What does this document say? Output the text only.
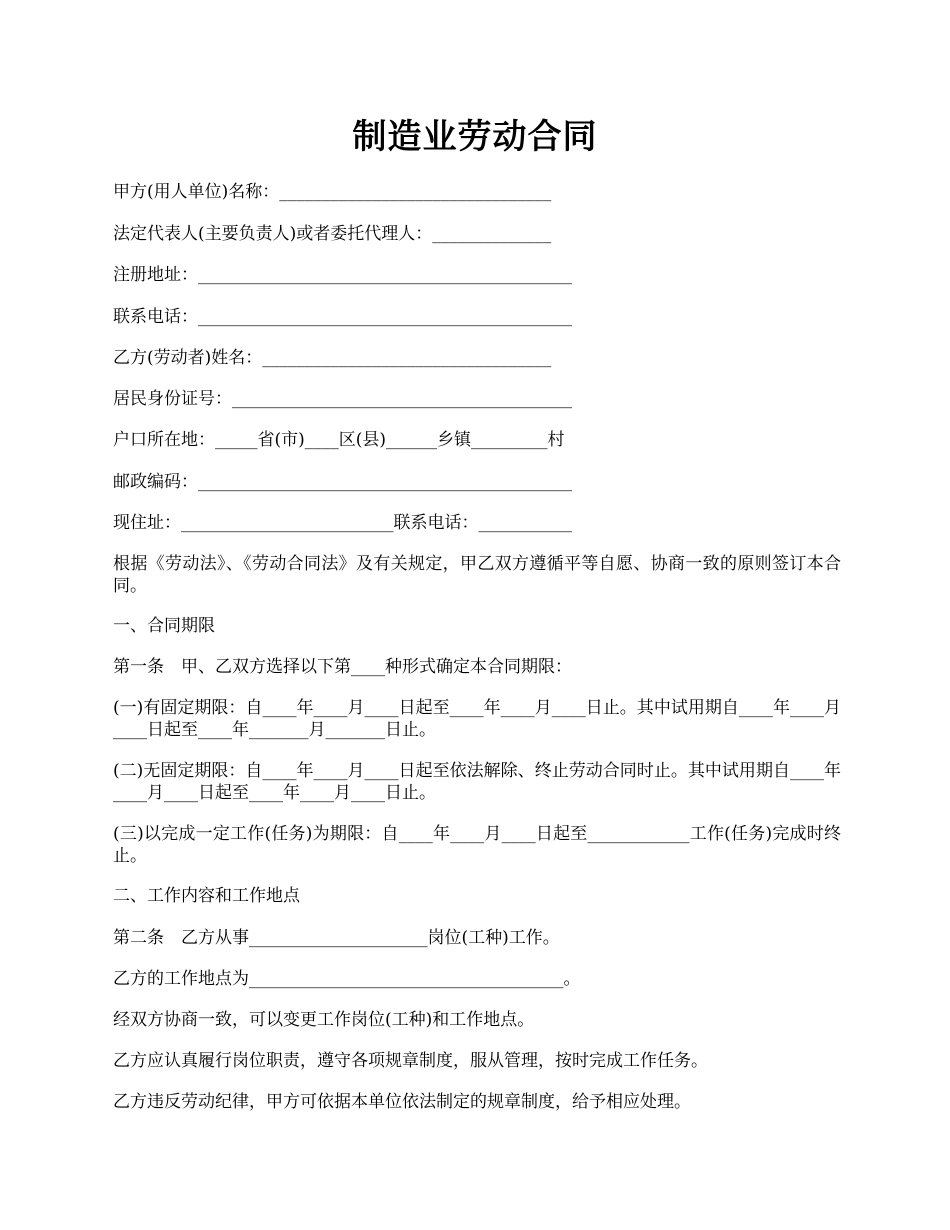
制造业劳动合同
甲方(用人单位)名称：________________________________
法定代表人(主要负责人)或者委托代理人：______________
注册地址：____________________________________________
联系电话：____________________________________________
乙方(劳动者)姓名：__________________________________
居民身份证号：________________________________________
户口所在地：_____省(市)____区(县)______乡镇_________村
邮政编码：____________________________________________
现住址：_________________________联系电话：___________
根据《劳动法》、《劳动合同法》及有关规定，甲乙双方遵循平等自愿、协商一致的原则签订本合同。
一、合同期限
第一条　甲、乙双方选择以下第____种形式确定本合同期限：
(一)有固定期限：自____年____月____日起至____年____月____日止。其中试用期自____年____月____日起至____年_______月_______日止。
(二)无固定期限：自____年____月____日起至依法解除、终止劳动合同时止。其中试用期自____年____月____日起至____年____月____日止。
(三)以完成一定工作(任务)为期限：自____年____月____日起至____________工作(任务)完成时终止。
二、工作内容和工作地点
第二条　乙方从事_____________________岗位(工种)工作。
乙方的工作地点为_____________________________________。
经双方协商一致，可以变更工作岗位(工种)和工作地点。
乙方应认真履行岗位职责，遵守各项规章制度，服从管理，按时完成工作任务。
乙方违反劳动纪律，甲方可依据本单位依法制定的规章制度，给予相应处理。
